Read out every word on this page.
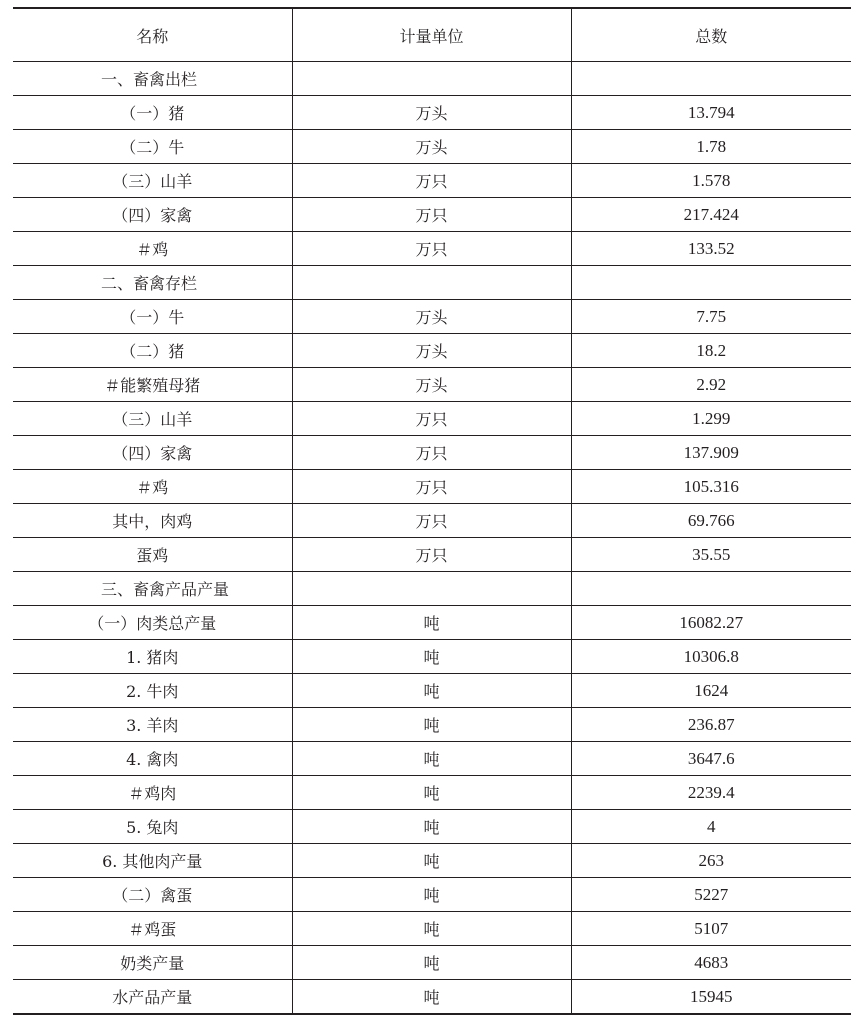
名称	计量单位	总数
一、畜禽出栏		
（一）猪	万头	13.794
（二）牛	万头	1.78
（三）山羊	万只	1.578
（四）家禽	万只	217.424
＃鸡	万只	133.52
二、畜禽存栏		
（一）牛	万头	7.75
（二）猪	万头	18.2
＃能繁殖母猪	万头	2.92
（三）山羊	万只	1.299
（四）家禽	万只	137.909
＃鸡	万只	105.316
其中，肉鸡	万只	69.766
蛋鸡	万只	35.55
三、畜禽产品产量		
（一）肉类总产量	吨	16082.27
1. 猪肉	吨	10306.8
2. 牛肉	吨	1624
3. 羊肉	吨	236.87
4. 禽肉	吨	3647.6
＃鸡肉	吨	2239.4
5. 兔肉	吨	4
6. 其他肉产量	吨	263
（二）禽蛋	吨	5227
＃鸡蛋	吨	5107
奶类产量	吨	4683
水产品产量	吨	15945
